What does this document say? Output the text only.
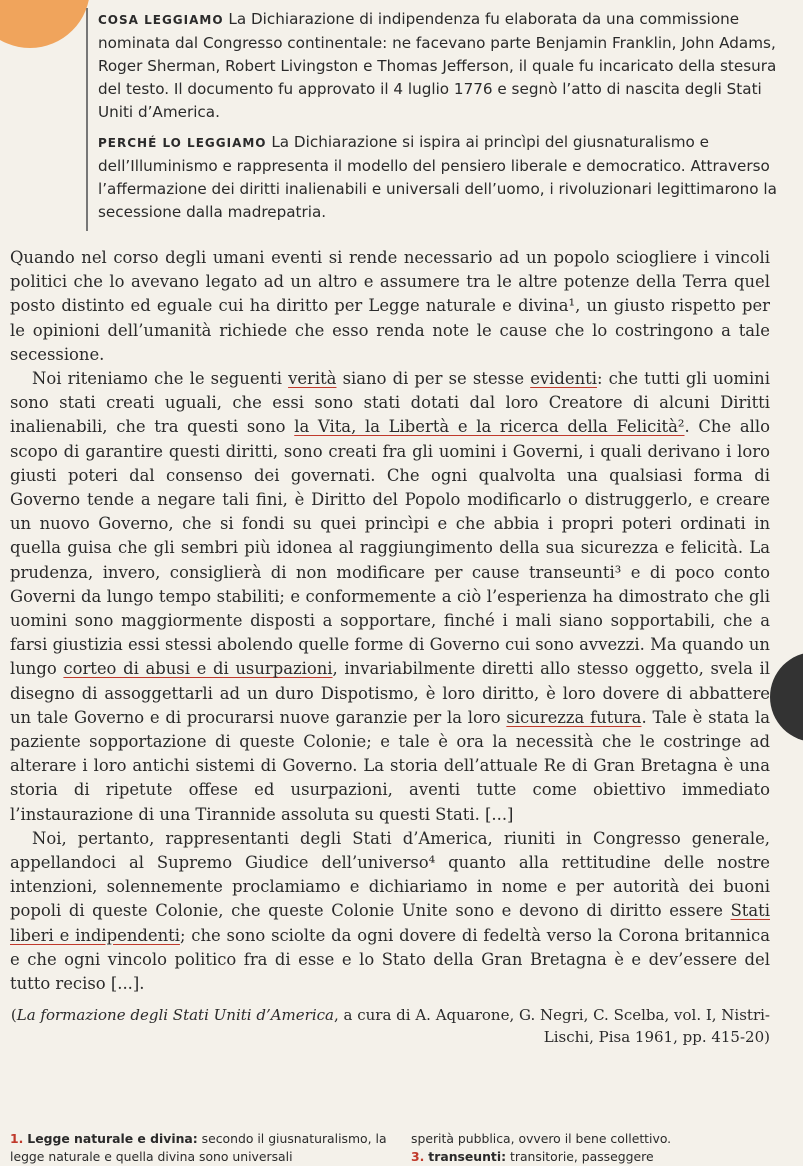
COSA LEGGIAMO La Dichiarazione di indipendenza fu elaborata da una commissione nominata dal Congresso continentale: ne facevano parte Benjamin Franklin, John Adams, Roger Sherman, Robert Livingston e Thomas Jefferson, il quale fu incaricato della stesura del testo. Il documento fu approvato il 4 luglio 1776 e segnò l’atto di nascita degli Stati Uniti d’America.

PERCHÉ LO LEGGIAMO La Dichiarazione si ispira ai princìpi del giusnaturalismo e dell’Illuminismo e rappresenta il modello del pensiero liberale e democratico. Attraverso l’affermazione dei diritti inalienabili e universali dell’uomo, i rivoluzionari legittimarono la secessione dalla madrepatria.

Quando nel corso degli umani eventi si rende necessario ad un popolo sciogliere i vincoli politici che lo avevano legato ad un altro e assumere tra le altre potenze della Terra quel posto distinto ed eguale cui ha diritto per Legge naturale e divina¹, un giusto rispetto per le opinioni dell’umanità richiede che esso renda note le cause che lo costringono a tale secessione.

Noi riteniamo che le seguenti verità siano di per se stesse evidenti: che tutti gli uomini sono stati creati uguali, che essi sono stati dotati dal loro Creatore di alcuni Diritti inalienabili, che tra questi sono la Vita, la Libertà e la ricerca della Felicità². Che allo scopo di garantire questi diritti, sono creati fra gli uomini i Governi, i quali derivano i loro giusti poteri dal consenso dei governati. Che ogni qualvolta una qualsiasi forma di Governo tende a negare tali fini, è Diritto del Popolo modificarlo o distruggerlo, e creare un nuovo Governo, che si fondi su quei princìpi e che abbia i propri poteri ordinati in quella guisa che gli sembri più idonea al raggiungimento della sua sicurezza e felicità. La prudenza, invero, consiglierà di non modificare per cause transeunti³ e di poco conto Governi da lungo tempo stabiliti; e conformemente a ciò l’esperienza ha dimostrato che gli uomini sono maggiormente disposti a sopportare, finché i mali siano sopportabili, che a farsi giustizia essi stessi abolendo quelle forme di Governo cui sono avvezzi. Ma quando un lungo corteo di abusi e di usurpazioni, invariabilmente diretti allo stesso oggetto, svela il disegno di assoggettarli ad un duro Dispotismo, è loro diritto, è loro dovere di abbattere un tale Governo e di procurarsi nuove garanzie per la loro sicurezza futura. Tale è stata la paziente sopportazione di queste Colonie; e tale è ora la necessità che le costringe ad alterare i loro antichi sistemi di Governo. La storia dell’attuale Re di Gran Bretagna è una storia di ripetute offese ed usurpazioni, aventi tutte come obiettivo immediato l’instaurazione di una Tirannide assoluta su questi Stati. [...]

Noi, pertanto, rappresentanti degli Stati d’America, riuniti in Congresso generale, appellandoci al Supremo Giudice dell’universo⁴ quanto alla rettitudine delle nostre intenzioni, solennemente proclamiamo e dichiariamo in nome e per autorità dei buoni popoli di queste Colonie, che queste Colonie Unite sono e devono di diritto essere Stati liberi e indipendenti; che sono sciolte da ogni dovere di fedeltà verso la Corona britannica e che ogni vincolo politico fra di esse e lo Stato della Gran Bretagna è e dev’essere del tutto reciso [...].

(La formazione degli Stati Uniti d’America, a cura di A. Aquarone, G. Negri, C. Scelba, vol. I, Nistri-Lischi, Pisa 1961, pp. 415-20)

1. Legge naturale e divina: secondo il giusnaturalismo, la legge naturale e quella divina sono universali

sperità pubblica, ovvero il bene collettivo.

3. transeunti: transitorie, passeggere
